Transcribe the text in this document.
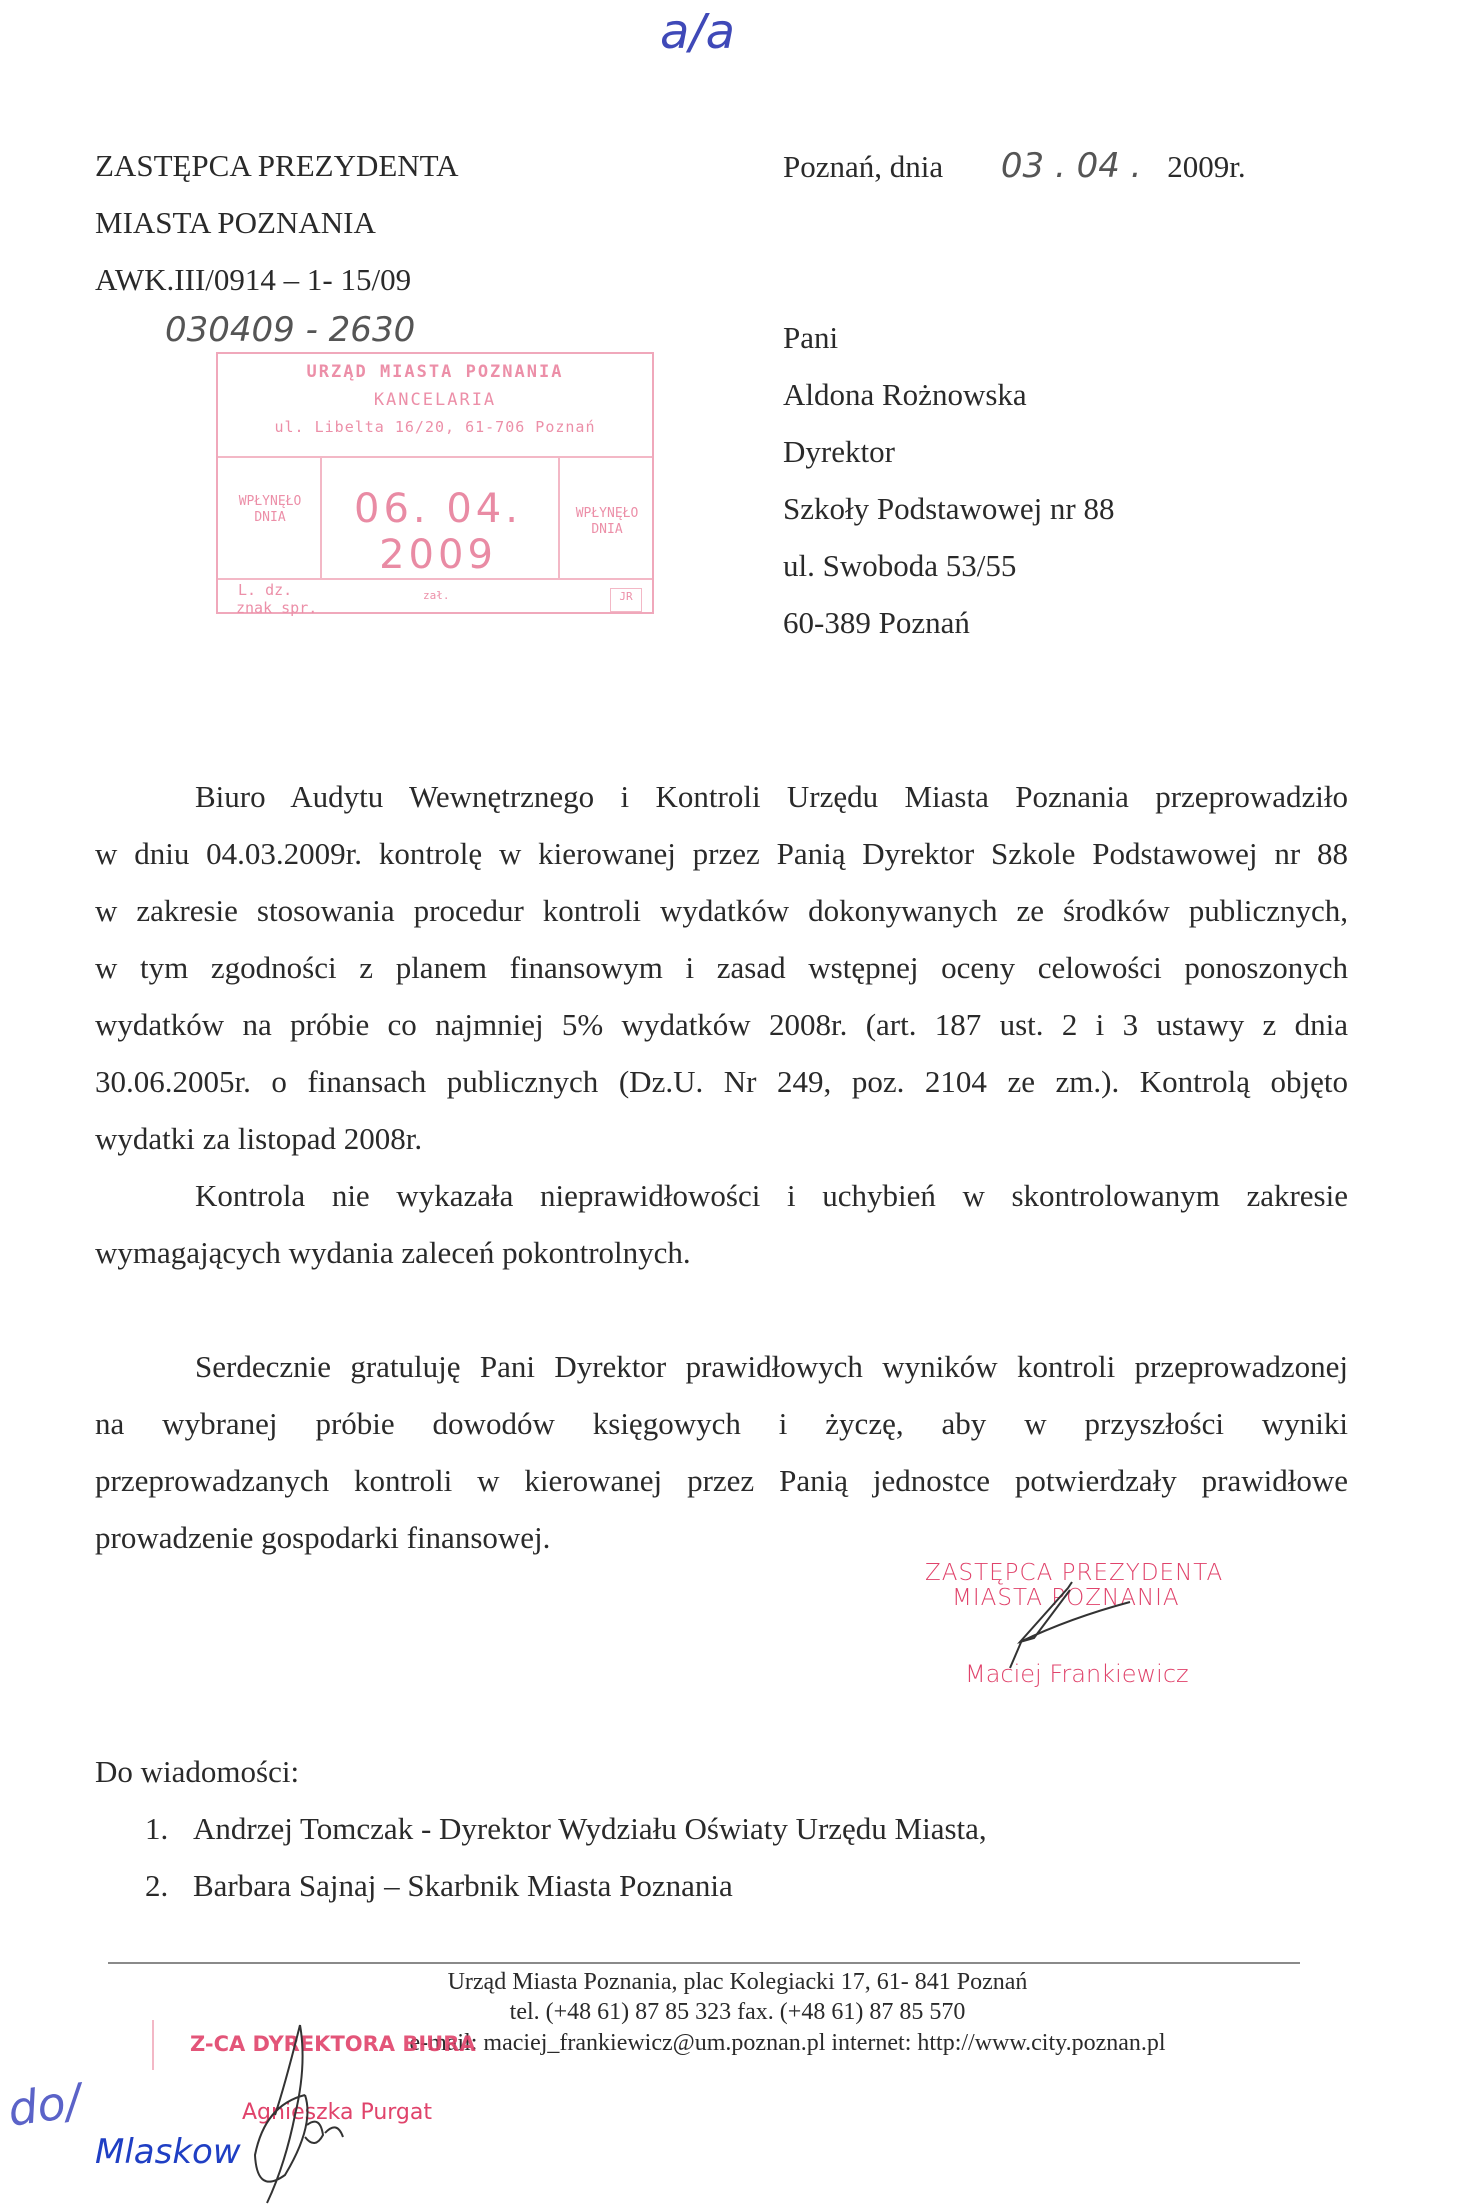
a/a
ZASTĘPCA PREZYDENTA
MIASTA POZNANIA
AWK.III/0914 – 1- 15/09
030409 - 2630
URZĄD MIASTA POZNANIA
KANCELARIA
ul. Libelta 16/20, 61-706 Poznań
WPŁYNĘŁO
DNIA	06. 04. 2009
WPŁYNĘŁO
DNIA
L. dz.	zał.
znak spr.
JR
Poznań, dnia 03 . 04 . 2009r.
Pani
Aldona Rożnowska
Dyrektor
Szkoły Podstawowej nr 88
ul. Swoboda 53/55
60-389 Poznań
Biuro Audytu Wewnętrznego i Kontroli Urzędu Miasta Poznania przeprowadziło
w dniu 04.03.2009r. kontrolę w kierowanej przez Panią Dyrektor Szkole Podstawowej nr 88
w zakresie stosowania procedur kontroli wydatków dokonywanych ze środków publicznych,
w tym zgodności z planem finansowym i zasad wstępnej oceny celowości ponoszonych
wydatków na próbie co najmniej 5% wydatków 2008r. (art. 187 ust. 2 i 3 ustawy z dnia
30.06.2005r. o finansach publicznych (Dz.U. Nr 249, poz. 2104 ze zm.). Kontrolą objęto
wydatki za listopad 2008r.
Kontrola nie wykazała nieprawidłowości i uchybień w skontrolowanym zakresie
wymagających wydania zaleceń pokontrolnych.
Serdecznie gratuluję Pani Dyrektor prawidłowych wyników kontroli przeprowadzonej
na wybranej próbie dowodów księgowych i życzę, aby w przyszłości wyniki
przeprowadzanych kontroli w kierowanej przez Panią jednostce potwierdzały prawidłowe
prowadzenie gospodarki finansowej.
ZASTĘPCA PREZYDENTA
MIASTA POZNANIA
Maciej Frankiewicz
Do wiadomości:
1. Andrzej Tomczak - Dyrektor Wydziału Oświaty Urzędu Miasta,
2. Barbara Sajnaj – Skarbnik Miasta Poznania
Urząd Miasta Poznania, plac Kolegiacki 17, 61- 841 Poznań
tel. (+48 61) 87 85 323 fax. (+48 61) 87 85 570
e-mail: maciej_frankiewicz@um.poznan.pl internet: http://www.city.poznan.pl
Z-CA DYREKTORA BIURA
Agnieszka Purgat
do/
Mlaskow
